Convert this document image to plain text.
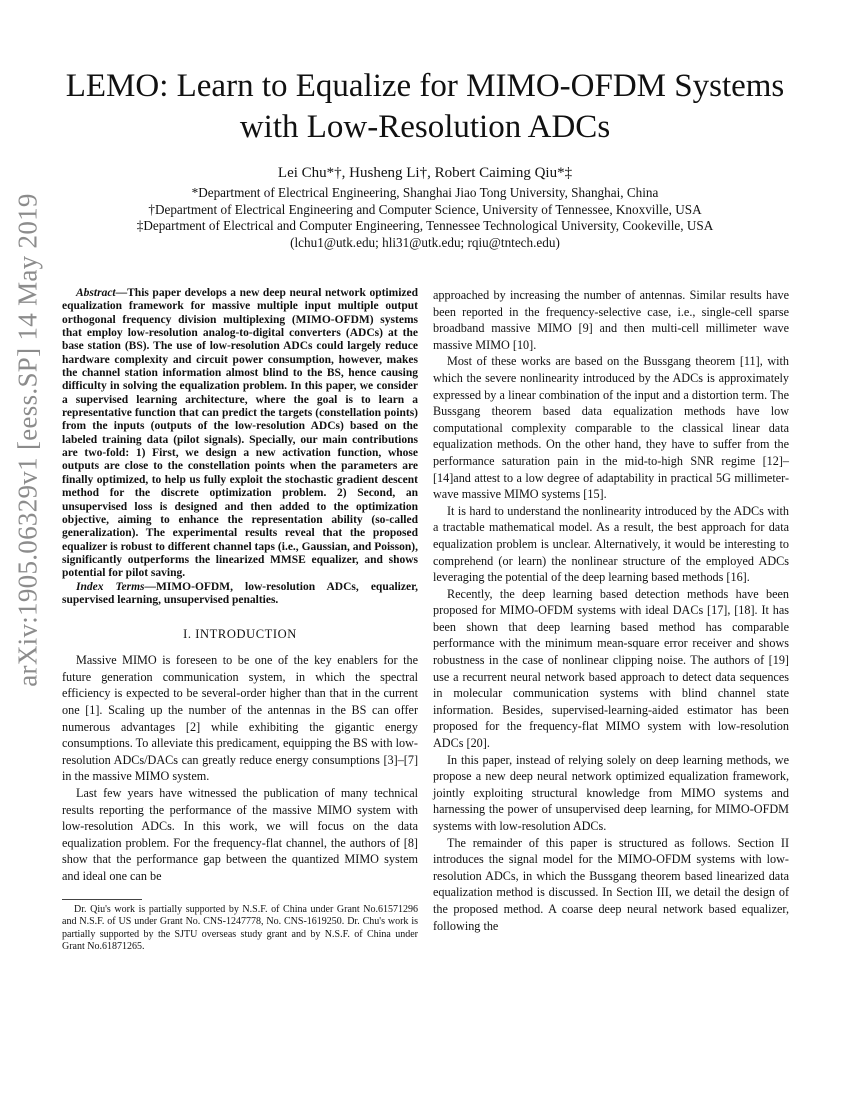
arXiv:1905.06329v1 [eess.SP] 14 May 2019
LEMO: Learn to Equalize for MIMO-OFDM Systems with Low-Resolution ADCs
Lei Chu*†, Husheng Li†, Robert Caiming Qiu*‡
*Department of Electrical Engineering, Shanghai Jiao Tong University, Shanghai, China
†Department of Electrical Engineering and Computer Science, University of Tennessee, Knoxville, USA
‡Department of Electrical and Computer Engineering, Tennessee Technological University, Cookeville, USA
(lchu1@utk.edu; hli31@utk.edu; rqiu@tntech.edu)

Abstract—This paper develops a new deep neural network optimized equalization framework for massive multiple input multiple output orthogonal frequency division multiplexing (MIMO-OFDM) systems that employ low-resolution analog-to-digital converters (ADCs) at the base station (BS). The use of low-resolution ADCs could largely reduce hardware complexity and circuit power consumption, however, makes the channel station information almost blind to the BS, hence causing difficulty in solving the equalization problem. In this paper, we consider a supervised learning architecture, where the goal is to learn a representative function that can predict the targets (constellation points) from the inputs (outputs of the low-resolution ADCs) based on the labeled training data (pilot signals). Specially, our main contributions are two-fold: 1) First, we design a new activation function, whose outputs are close to the constellation points when the parameters are finally optimized, to help us fully exploit the stochastic gradient descent method for the discrete optimization problem. 2) Second, an unsupervised loss is designed and then added to the optimization objective, aiming to enhance the representation ability (so-called generalization). The experimental results reveal that the proposed equalizer is robust to different channel taps (i.e., Gaussian, and Poisson), significantly outperforms the linearized MMSE equalizer, and shows potential for pilot saving.

Index Terms—MIMO-OFDM, low-resolution ADCs, equalizer, supervised learning, unsupervised penalties.

I. INTRODUCTION

Massive MIMO is foreseen to be one of the key enablers for the future generation communication system, in which the spectral efficiency is expected to be several-order higher than that in the current one [1]. Scaling up the number of the antennas in the BS can offer numerous advantages [2] while exhibiting the gigantic energy consumptions. To alleviate this predicament, equipping the BS with low-resolution ADCs/DACs can greatly reduce energy consumptions [3]–[7] in the massive MIMO system.

Last few years have witnessed the publication of many technical results reporting the performance of the massive MIMO system with low-resolution ADCs. In this work, we will focus on the data equalization problem. For the frequency-flat channel, the authors of [8] show that the performance gap between the quantized MIMO system and ideal one can be

Dr. Qiu's work is partially supported by N.S.F. of China under Grant No.61571296 and N.S.F. of US under Grant No. CNS-1247778, No. CNS-1619250. Dr. Chu's work is partially supported by the SJTU overseas study grant and by N.S.F. of China under Grant No.61871265.

approached by increasing the number of antennas. Similar results have been reported in the frequency-selective case, i.e., single-cell sparse broadband massive MIMO [9] and then multi-cell millimeter wave massive MIMO [10].

Most of these works are based on the Bussgang theorem [11], with which the severe nonlinearity introduced by the ADCs is approximately expressed by a linear combination of the input and a distortion term. The Bussgang theorem based data equalization methods have low computational complexity comparable to the classical linear data equalization methods. On the other hand, they have to suffer from the performance saturation pain in the mid-to-high SNR regime [12]–[14]and attest to a low degree of adaptability in practical 5G millimeter-wave massive MIMO systems [15].

It is hard to understand the nonlinearity introduced by the ADCs with a tractable mathematical model. As a result, the best approach for data equalization problem is unclear. Alternatively, it would be interesting to comprehend (or learn) the nonlinear structure of the employed ADCs leveraging the potential of the deep learning based methods [16].

Recently, the deep learning based detection methods have been proposed for MIMO-OFDM systems with ideal DACs [17], [18]. It has been shown that deep learning based method has comparable performance with the minimum mean-square error receiver and shows robustness in the case of nonlinear clipping noise. The authors of [19] use a recurrent neural network based approach to detect data sequences in molecular communication systems with blind channel state information. Besides, supervised-learning-aided estimator has been proposed for the frequency-flat MIMO system with low-resolution ADCs [20].

In this paper, instead of relying solely on deep learning methods, we propose a new deep neural network optimized equalization framework, jointly exploiting structural knowledge from MIMO systems and harnessing the power of unsupervised deep learning, for MIMO-OFDM systems with low-resolution ADCs.

The remainder of this paper is structured as follows. Section II introduces the signal model for the MIMO-OFDM systems with low-resolution ADCs, in which the Bussgang theorem based linearized data equalization method is discussed. In Section III, we detail the design of the proposed method. A coarse deep neural network based equalizer, following the
